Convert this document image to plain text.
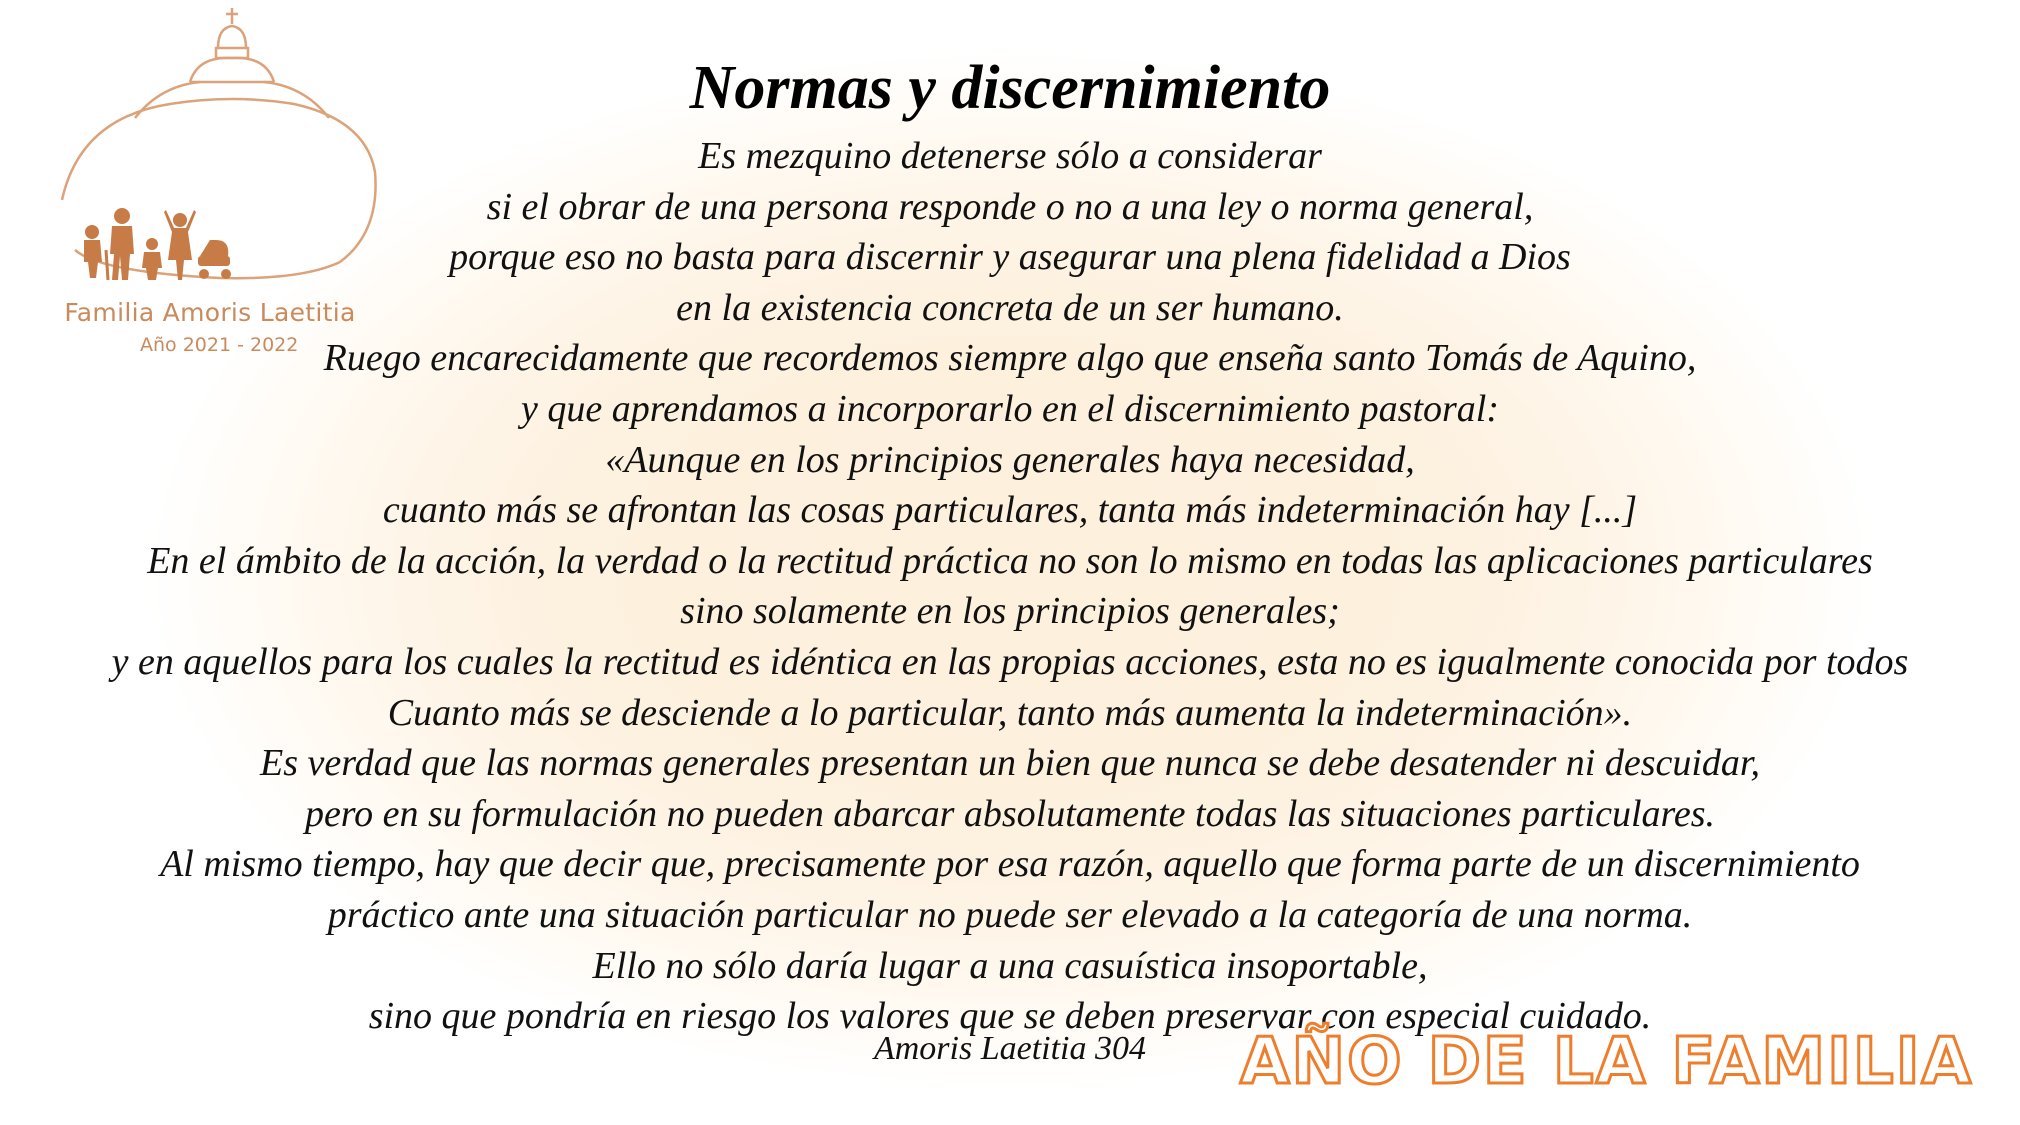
Familia Amoris Laetitia
Año 2021 - 2022
Normas y discernimiento
Es mezquino detenerse sólo a considerar
si el obrar de una persona responde o no a una ley o norma general,
porque eso no basta para discernir y asegurar una plena fidelidad a Dios
en la existencia concreta de un ser humano.
Ruego encarecidamente que recordemos siempre algo que enseña santo Tomás de Aquino,
y que aprendamos a incorporarlo en el discernimiento pastoral:
«Aunque en los principios generales haya necesidad,
cuanto más se afrontan las cosas particulares, tanta más indeterminación hay [...]
En el ámbito de la acción, la verdad o la rectitud práctica no son lo mismo en todas las aplicaciones particulares
sino solamente en los principios generales;
y en aquellos para los cuales la rectitud es idéntica en las propias acciones, esta no es igualmente conocida por todos
Cuanto más se desciende a lo particular, tanto más aumenta la indeterminación».
Es verdad que las normas generales presentan un bien que nunca se debe desatender ni descuidar,
pero en su formulación no pueden abarcar absolutamente todas las situaciones particulares.
Al mismo tiempo, hay que decir que, precisamente por esa razón, aquello que forma parte de un discernimiento
práctico ante una situación particular no puede ser elevado a la categoría de una norma.
Ello no sólo daría lugar a una casuística insoportable,
sino que pondría en riesgo los valores que se deben preservar con especial cuidado.
Amoris Laetitia 304	AÑO DE LA FAMILIA
